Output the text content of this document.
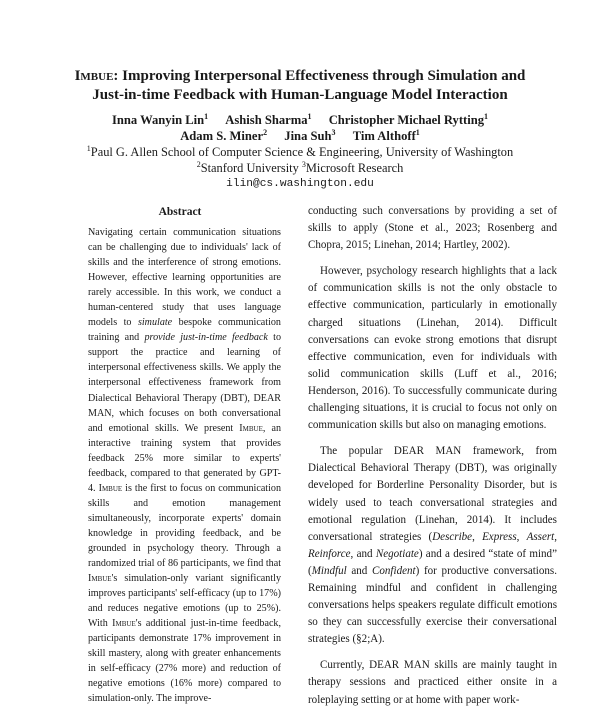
Imbue: Improving Interpersonal Effectiveness through Simulation and
Just-in-time Feedback with Human-Language Model Interaction
Inna Wanyin Lin$^1$ Ashish Sharma$^1$ Christopher Michael Rytting$^1$
Adam S. Miner$^2$ Jina Suh$^3$ Tim Althoff$^1$
$^1$Paul G. Allen School of Computer Science & Engineering, University of Washington
$^2$Stanford University $^3$Microsoft Research
ilin@cs.washington.edu
Abstract

Navigating certain communication situations can be challenging due to individuals' lack of skills and the interference of strong emotions. However, effective learning opportunities are rarely accessible. In this work, we conduct a human-centered study that uses language models to simulate bespoke communication training and provide just-in-time feedback to support the practice and learning of interpersonal effectiveness skills. We apply the interpersonal effectiveness framework from Dialectical Behavioral Therapy (DBT), DEAR MAN, which focuses on both conversational and emotional skills. We present Imbue, an interactive training system that provides feedback 25% more similar to experts' feedback, compared to that generated by GPT-4. Imbue is the first to focus on communication skills and emotion management simultaneously, incorporate experts' domain knowledge in providing feedback, and be grounded in psychology theory. Through a randomized trial of 86 participants, we find that Imbue's simulation-only variant significantly improves participants' self-efficacy (up to 17%) and reduces negative emotions (up to 25%). With Imbue's additional just-in-time feedback, participants demonstrate 17% improvement in skill mastery, along with greater enhancements in self-efficacy (27% more) and reduction of negative emotions (16% more) compared to simulation-only. The improve-

conducting such conversations by providing a set of skills to apply (Stone et al., 2023; Rosenberg and Chopra, 2015; Linehan, 2014; Hartley, 2002).

However, psychology research highlights that a lack of communication skills is not the only obstacle to effective communication, particularly in emotionally charged situations (Linehan, 2014). Difficult conversations can evoke strong emotions that disrupt effective communication, even for individuals with solid communication skills (Luff et al., 2016; Henderson, 2016). To successfully communicate during challenging situations, it is crucial to focus not only on communication skills but also on managing emotions.

The popular DEAR MAN framework, from Dialectical Behavioral Therapy (DBT), was originally developed for Borderline Personality Disorder, but is widely used to teach conversational strategies and emotional regulation (Linehan, 2014). It includes conversational strategies (Describe, Express, Assert, Reinforce, and Negotiate) and a desired “state of mind” (Mindful and Confident) for productive conversations. Remaining mindful and confident in challenging conversations helps speakers regulate difficult emotions so they can successfully exercise their conversational strategies (§2;A).

Currently, DEAR MAN skills are mainly taught in therapy sessions and practiced either onsite in a roleplaying setting or at home with paper work-
